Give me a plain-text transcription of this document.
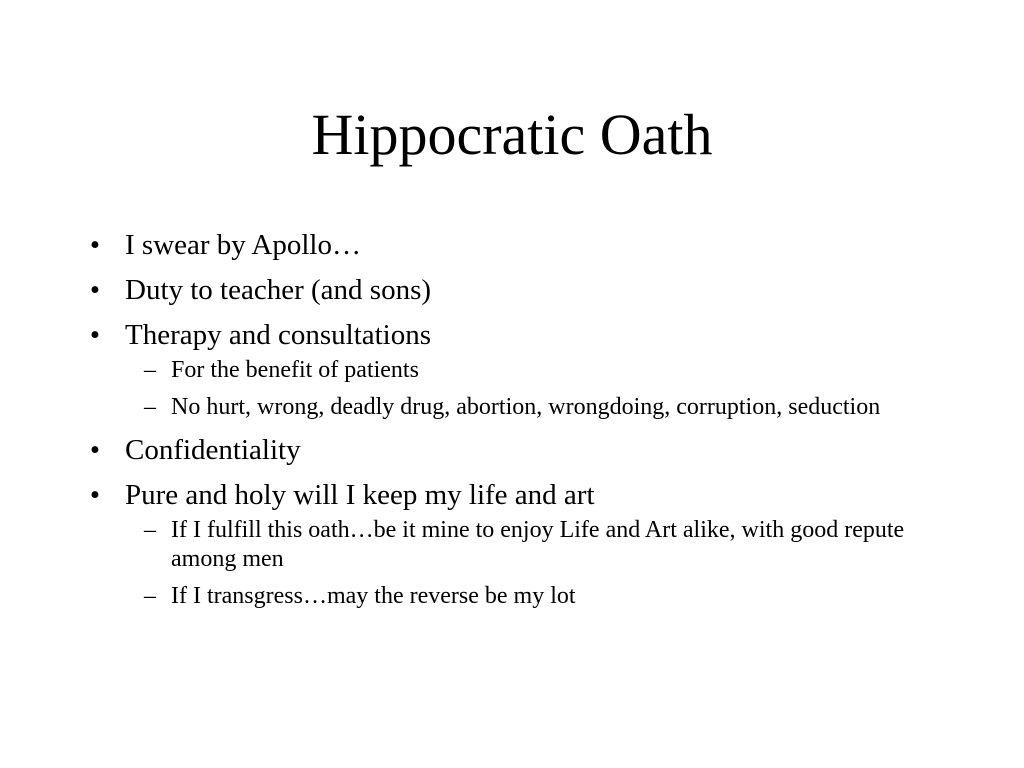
Hippocratic Oath
• I swear by Apollo…
• Duty to teacher (and sons)
• Therapy and consultations
– For the benefit of patients
– No hurt, wrong, deadly drug, abortion, wrongdoing, corruption, seduction
• Confidentiality
• Pure and holy will I keep my life and art
– If I fulfill this oath…be it mine to enjoy Life and Art alike, with good repute among men
– If I transgress…may the reverse be my lot
